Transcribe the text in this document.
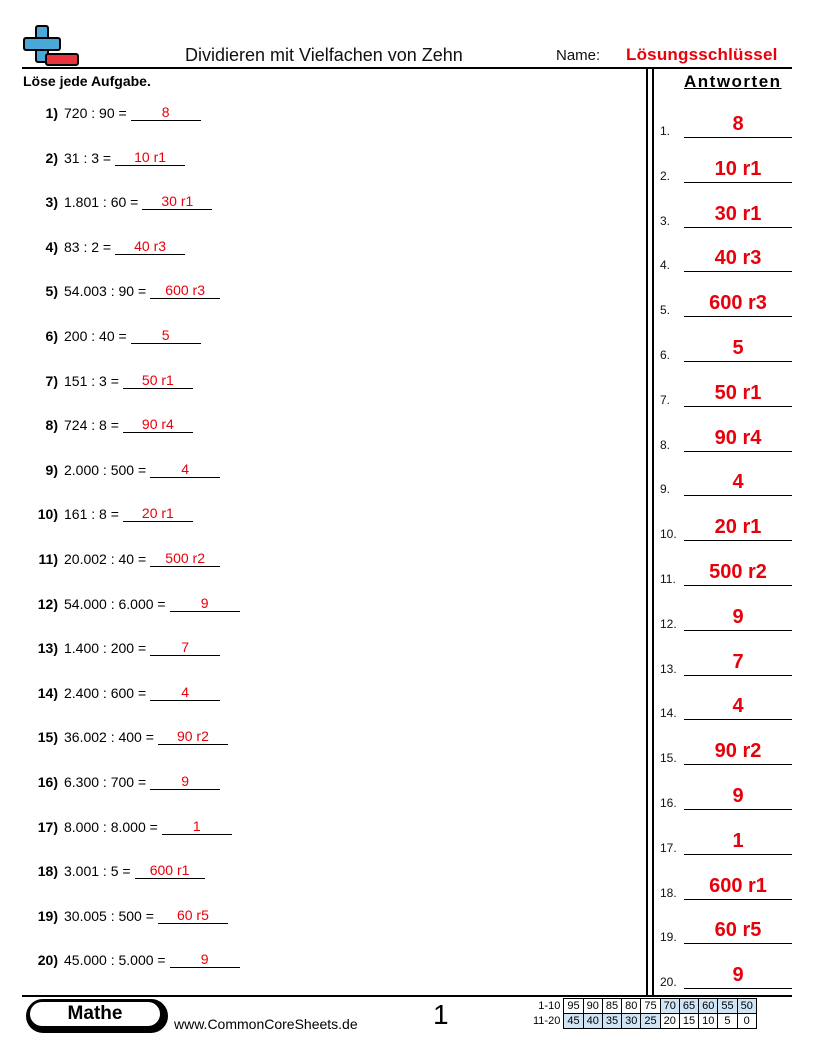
Dividieren mit Vielfachen von Zehn	Name: Lösungsschlüssel
Löse jede Aufgabe.
1) 720 : 90 =	8
2) 31 : 3 =	10 r1
3) 1.801 : 60 =	30 r1
4) 83 : 2 =	40 r3
5) 54.003 : 90 =	600 r3
6) 200 : 40 =	5
7) 151 : 3 =	50 r1
8) 724 : 8 =	90 r4
9) 2.000 : 500 =	4
10) 161 : 8 =	20 r1
11) 20.002 : 40 =	500 r2
12) 54.000 : 6.000 =	9
13) 1.400 : 200 =	7
14) 2.400 : 600 =	4
15) 36.002 : 400 =	90 r2
16) 6.300 : 700 =	9
17) 8.000 : 8.000 =	1
18) 3.001 : 5 =	600 r1
19) 30.005 : 500 =	60 r5
20) 45.000 : 5.000 =	9
Antworten
1.	8
2.	10 r1
3.	30 r1
4.	40 r3
5.	600 r3
6.	5
7.	50 r1
8.	90 r4
9.	4
10.	20 r1
11.	500 r2
12.	9
13.	7
14.	4
15.	90 r2
16.	9
17.	1
18.	600 r1
19.	60 r5
20.	9
Mathe	www.CommonCoreSheets.de	1	1-10	95	90	85	80	75	70	65	60	55	50
11-20	45	40	35	30	25	20	15	10	5	0
